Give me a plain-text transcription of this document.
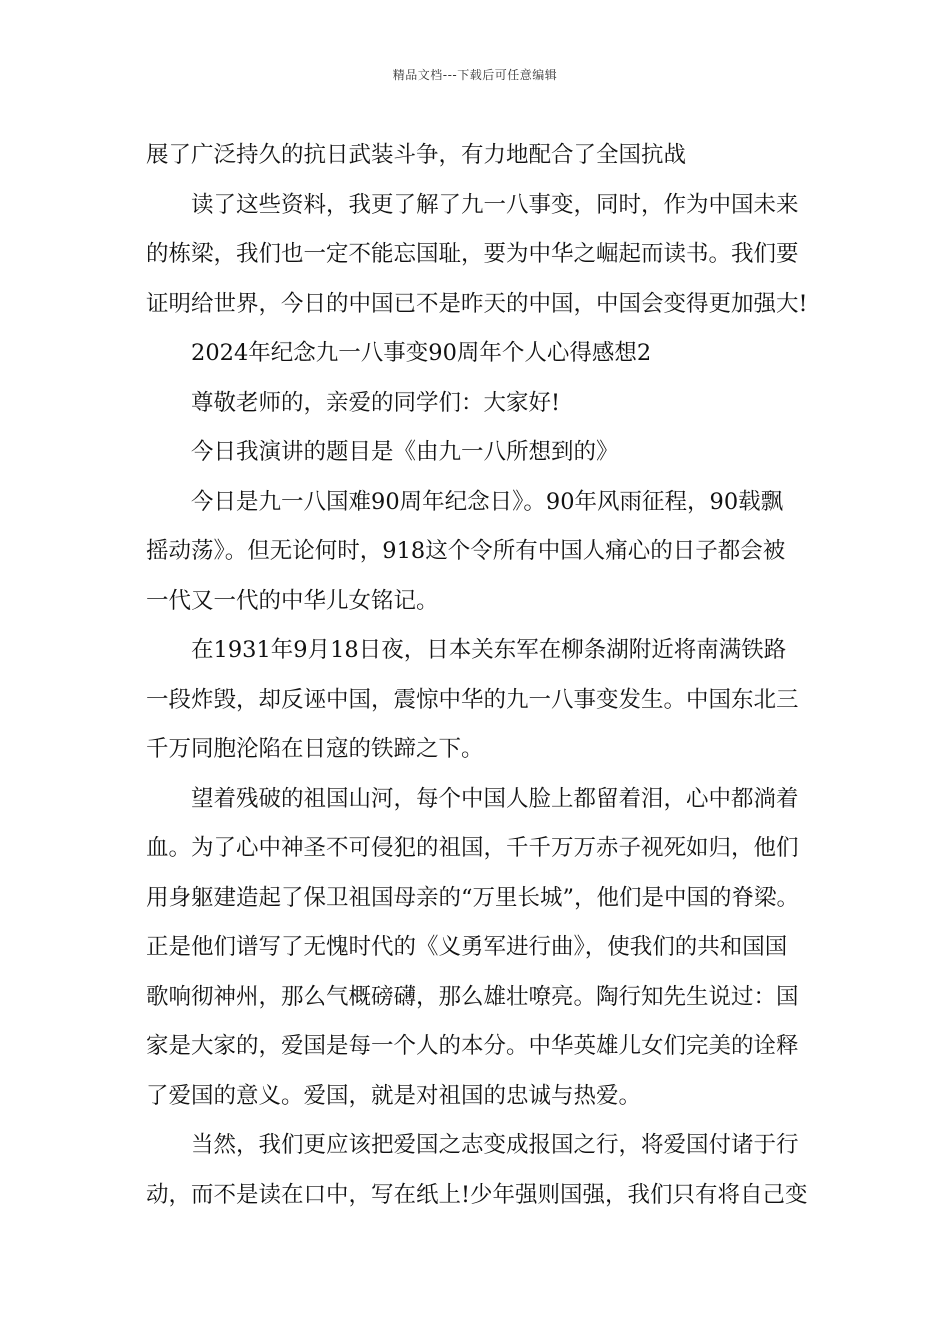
精品文档---下载后可任意编辑
展了广泛持久的抗日武装斗争，有力地配合了全国抗战
读了这些资料，我更了解了九一八事变，同时，作为中国未来
的栋梁，我们也一定不能忘国耻，要为中华之崛起而读书。我们要
证明给世界，今日的中国已不是昨天的中国，中国会变得更加强大!
2024年纪念九一八事变90周年个人心得感想2
尊敬老师的，亲爱的同学们：大家好!
今日我演讲的题目是《由九一八所想到的》
今日是九一八国难90周年纪念日》。90年风雨征程，90载飘
摇动荡》。但无论何时，918这个令所有中国人痛心的日子都会被
一代又一代的中华儿女铭记。
在1931年9月18日夜，日本关东军在柳条湖附近将南满铁路
一段炸毁，却反诬中国，震惊中华的九一八事变发生。中国东北三
千万同胞沦陷在日寇的铁蹄之下。
望着残破的祖国山河，每个中国人脸上都留着泪，心中都淌着
血。为了心中神圣不可侵犯的祖国，千千万万赤子视死如归，他们
用身躯建造起了保卫祖国母亲的“万里长城”，他们是中国的脊梁。
正是他们谱写了无愧时代的《义勇军进行曲》，使我们的共和国国
歌响彻神州，那么气概磅礴，那么雄壮嘹亮。陶行知先生说过：国
家是大家的，爱国是每一个人的本分。中华英雄儿女们完美的诠释
了爱国的意义。爱国，就是对祖国的忠诚与热爱。
当然，我们更应该把爱国之志变成报国之行，将爱国付诸于行
动，而不是读在口中，写在纸上!少年强则国强，我们只有将自己变
